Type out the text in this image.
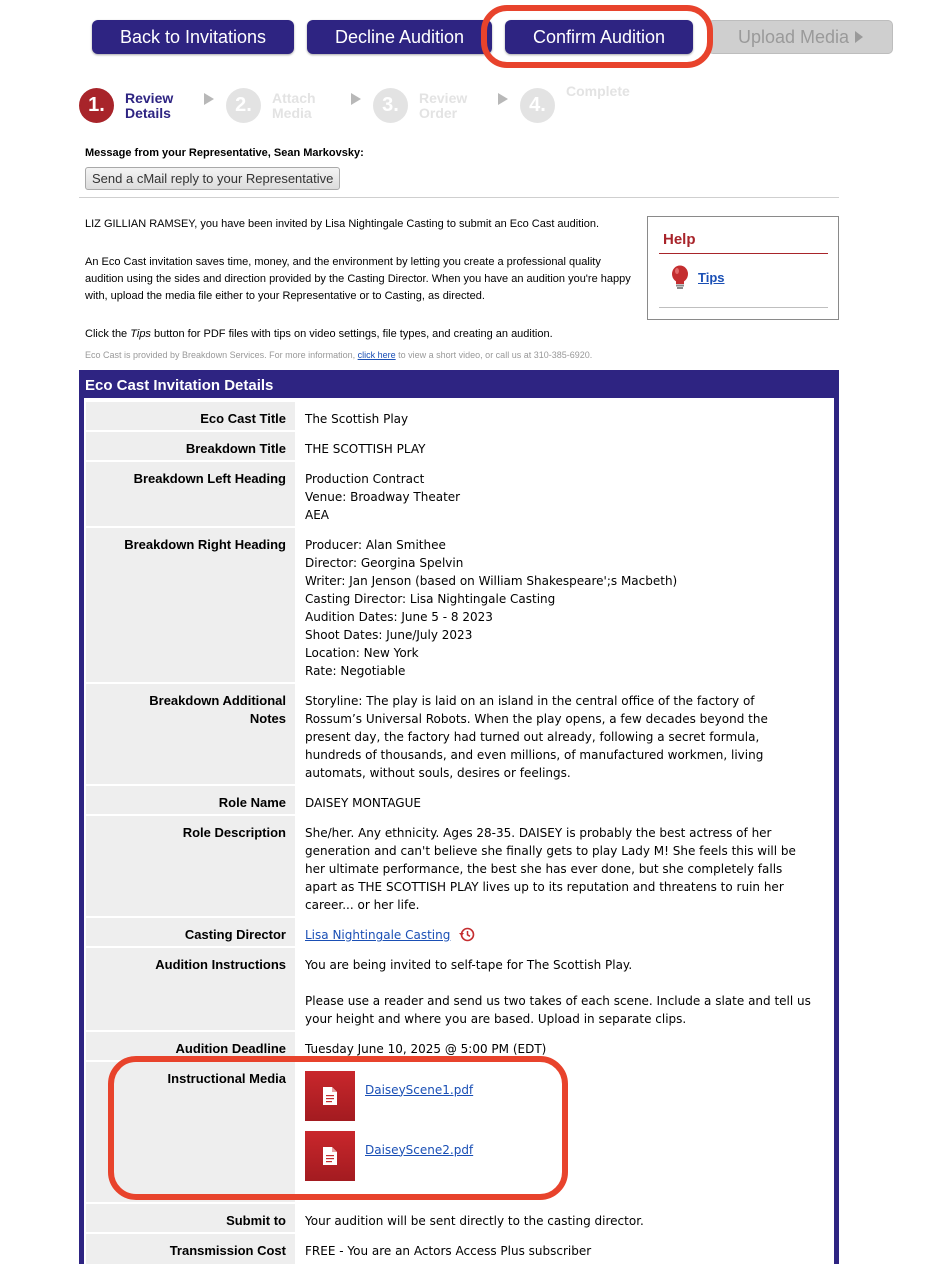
Back to Invitations	Decline Audition	Confirm Audition	Upload Media
1.	Review
Details	2.	Attach
Media	3.	Review
Order	4.
Complete
Message from your Representative, Sean Markovsky:
Send a cMail reply to your Representative
LIZ GILLIAN RAMSEY, you have been invited by Lisa Nightingale Casting to submit an Eco Cast audition.
An Eco Cast invitation saves time, money, and the environment by letting you create a professional quality audition using the sides and direction provided by the Casting Director. When you have an audition you're happy with, upload the media file either to your Representative or to Casting, as directed.
Click the Tips button for PDF files with tips on video settings, file types, and creating an audition.
Eco Cast is provided by Breakdown Services. For more information, click here to view a short video, or call us at 310-385-6920.
Help
Tips
Eco Cast Invitation Details
Eco Cast Title	The Scottish Play
Breakdown Title	THE SCOTTISH PLAY
Breakdown Left Heading	Production Contract
Venue: Broadway Theater
AEA
Breakdown Right Heading	Producer: Alan Smithee
Director: Georgina Spelvin
Writer: Jan Jenson (based on William Shakespeare';s Macbeth)
Casting Director: Lisa Nightingale Casting
Audition Dates: June 5 - 8 2023
Shoot Dates: June/July 2023
Location: New York
Rate: Negotiable
Breakdown Additional
Notes
Storyline: The play is laid on an island in the central office of the factory of
Rossum’s Universal Robots. When the play opens, a few decades beyond the
present day, the factory had turned out already, following a secret formula,
hundreds of thousands, and even millions, of manufactured workmen, living
automats, without souls, desires or feelings.
Role Name	DAISEY MONTAGUE
Role Description	She/her. Any ethnicity. Ages 28-35. DAISEY is probably the best actress of her
generation and can't believe she finally gets to play Lady M! She feels this will be
her ultimate performance, the best she has ever done, but she completely falls
apart as THE SCOTTISH PLAY lives up to its reputation and threatens to ruin her
career... or her life.
Casting Director	Lisa Nightingale Casting
Audition Instructions	You are being invited to self-tape for The Scottish Play.
Please use a reader and send us two takes of each scene. Include a slate and tell us
your height and where you are based. Upload in separate clips.
Audition Deadline	Tuesday June 10, 2025 @ 5:00 PM (EDT)
Instructional Media
DaiseyScene1.pdf
DaiseyScene2.pdf
Submit to	Your audition will be sent directly to the casting director.
Transmission Cost	FREE - You are an Actors Access Plus subscriber
